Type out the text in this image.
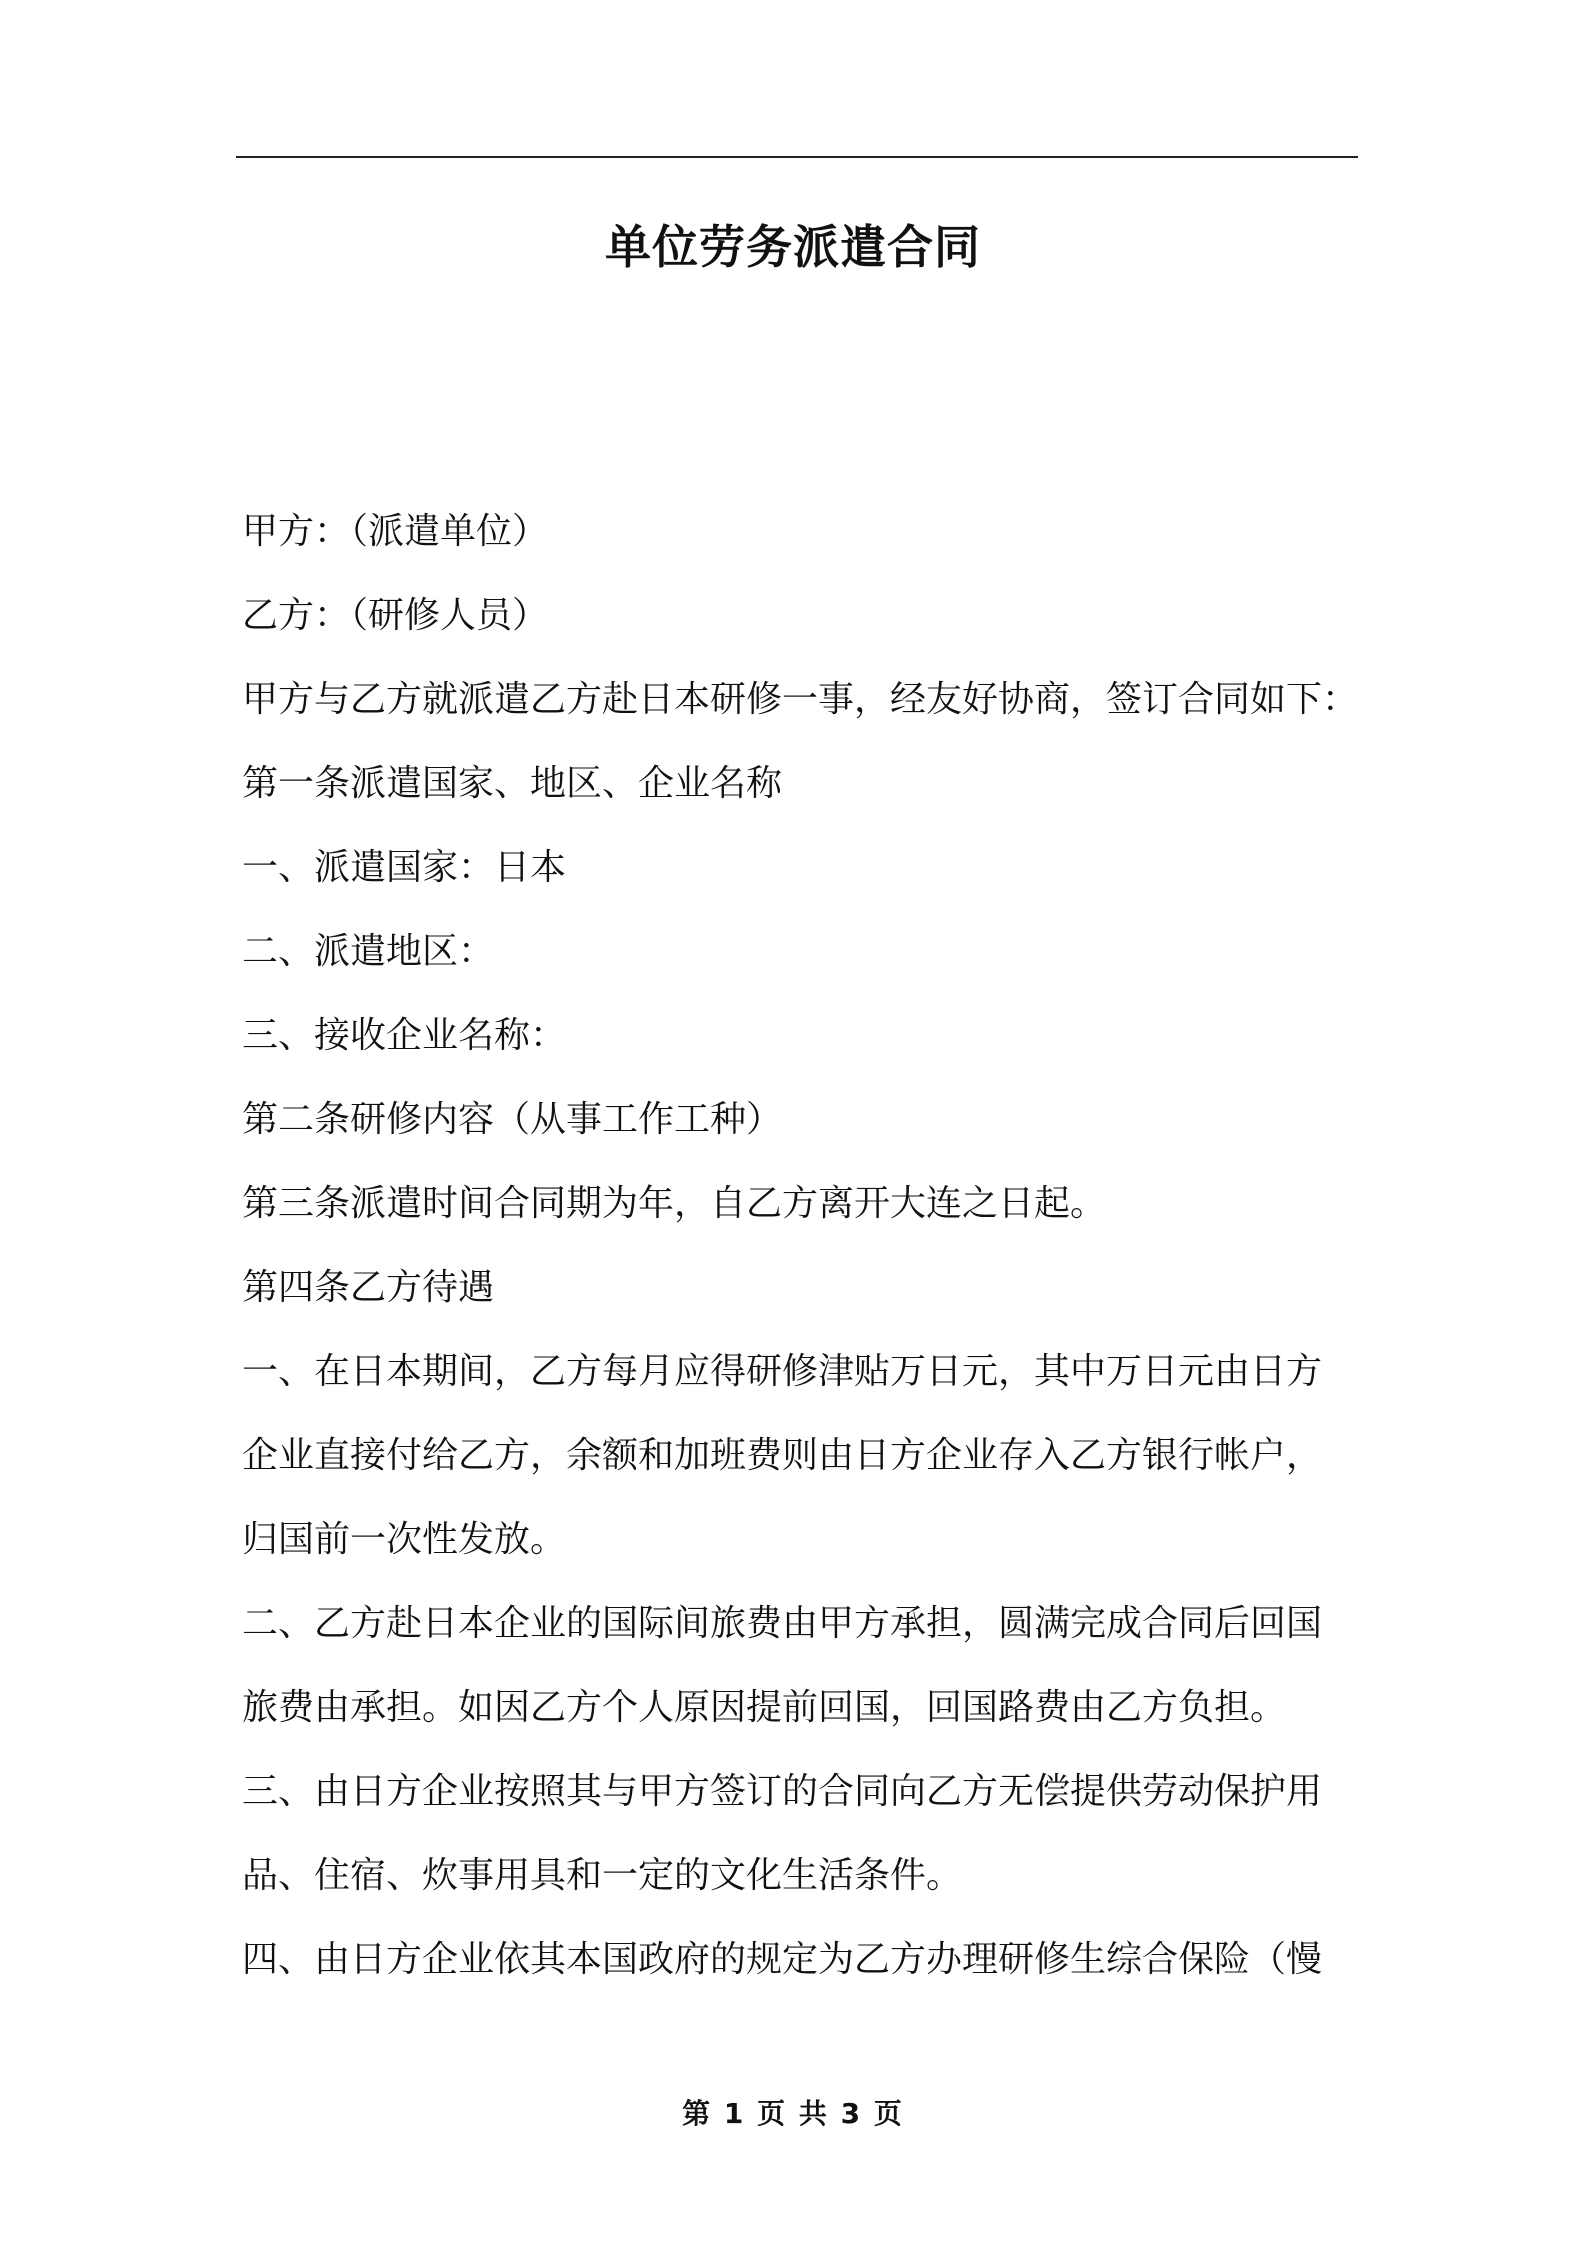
单位劳务派遣合同
甲方：（派遣单位）
乙方：（研修人员）
甲方与乙方就派遣乙方赴日本研修一事，经友好协商，签订合同如下：
第一条派遣国家、地区、企业名称
一、派遣国家：日本
二、派遣地区：
三、接收企业名称：
第二条研修内容（从事工作工种）
第三条派遣时间合同期为年，自乙方离开大连之日起。
第四条乙方待遇
一、在日本期间，乙方每月应得研修津贴万日元，其中万日元由日方
企业直接付给乙方，余额和加班费则由日方企业存入乙方银行帐户，
归国前一次性发放。
二、乙方赴日本企业的国际间旅费由甲方承担，圆满完成合同后回国
旅费由承担。如因乙方个人原因提前回国，回国路费由乙方负担。
三、由日方企业按照其与甲方签订的合同向乙方无偿提供劳动保护用
品、住宿、炊事用具和一定的文化生活条件。
四、由日方企业依其本国政府的规定为乙方办理研修生综合保险（慢
第 1 页 共 3 页
